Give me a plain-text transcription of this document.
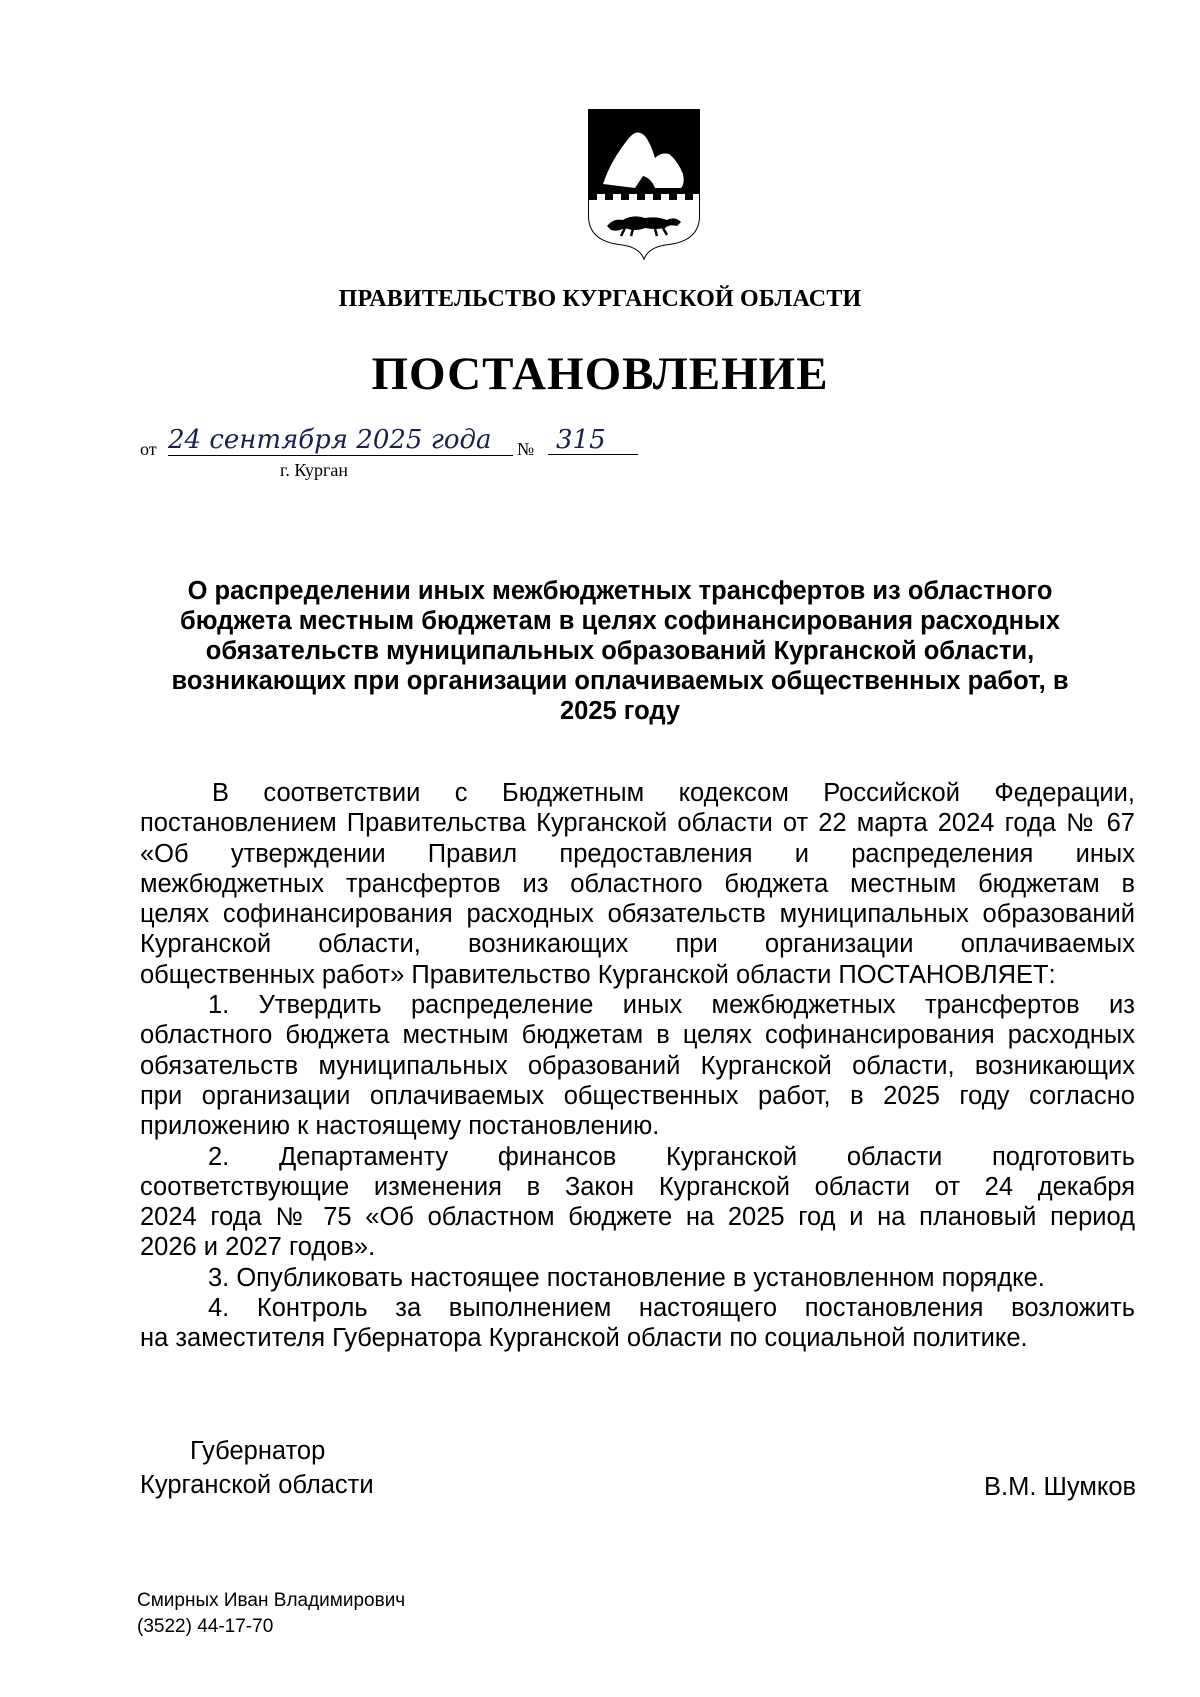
ПРАВИТЕЛЬСТВО КУРГАНСКОЙ ОБЛАСТИ
ПОСТАНОВЛЕНИЕ
от 24 сентября 2025 года	№ 315
г. Курган
О распределении иных межбюджетных трансфертов из областного бюджета местным бюджетам в целях софинансирования расходных обязательств муниципальных образований Курганской области, возникающих при организации оплачиваемых общественных работ, в 2025 году

В соответствии с Бюджетным кодексом Российской Федерации,

постановлением Правительства Курганской области от 22 марта 2024 года № 67

«Об утверждении Правил предоставления и распределения иных

межбюджетных трансфертов из областного бюджета местным бюджетам в

целях софинансирования расходных обязательств муниципальных образований

Курганской области, возникающих при организации оплачиваемых

общественных работ» Правительство Курганской области ПОСТАНОВЛЯЕТ:

1. Утвердить распределение иных межбюджетных трансфертов из

областного бюджета местным бюджетам в целях софинансирования расходных

обязательств муниципальных образований Курганской области, возникающих

при организации оплачиваемых общественных работ, в 2025 году согласно

приложению к настоящему постановлению.

2. Департаменту финансов Курганской области подготовить

соответствующие изменения в Закон Курганской области от 24 декабря

2024 года № 75 «Об областном бюджете на 2025 год и на плановый период

2026 и 2027 годов».

3. Опубликовать настоящее постановление в установленном порядке.

4. Контроль за выполнением настоящего постановления возложить

на заместителя Губернатора Курганской области по социальной политике.

Губернатор
Курганской области	В.М. Шумков
Смирных Иван Владимирович
(3522) 44-17-70
